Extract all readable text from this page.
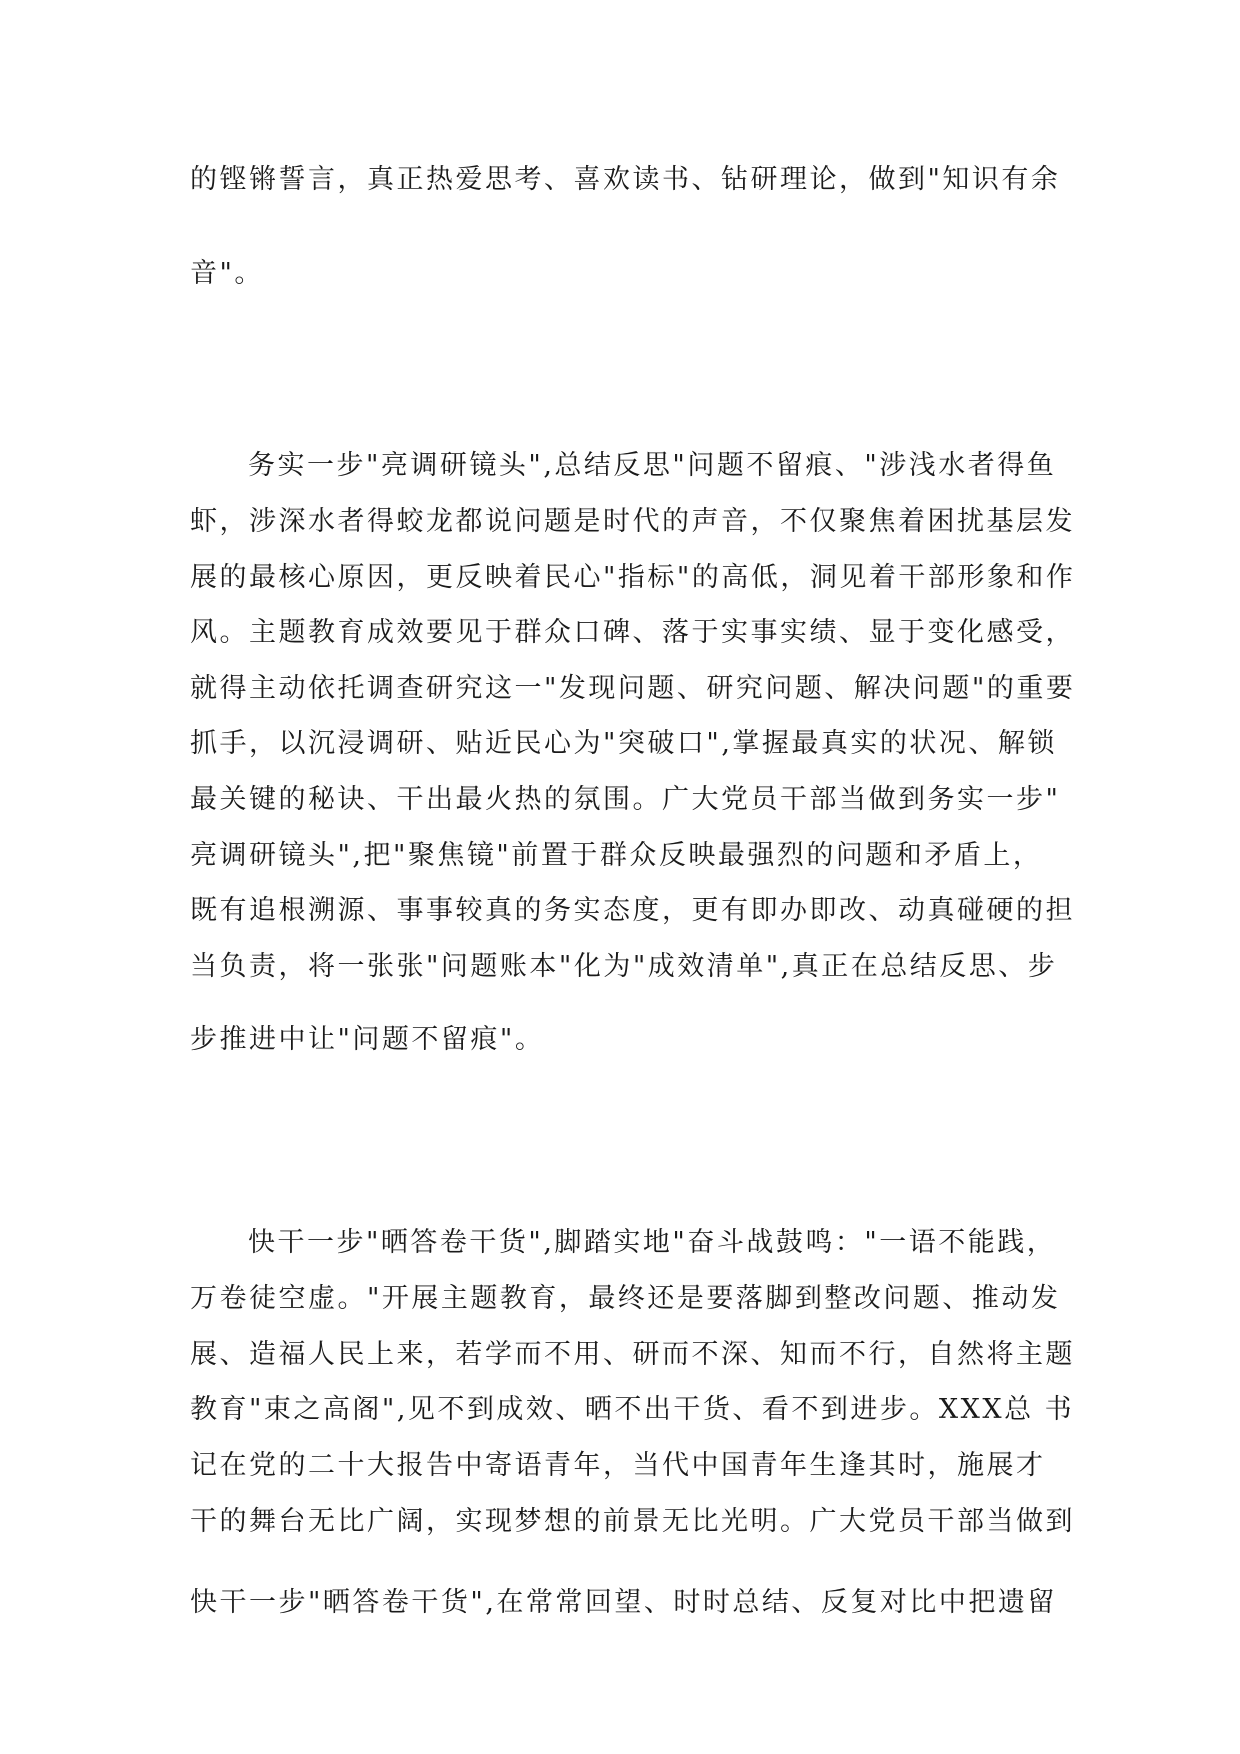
的铿锵誓言，真正热爱思考、喜欢读书、钻研理论，做到"知识有余
音"。
务实一步"亮调研镜头",总结反思"问题不留痕、"涉浅水者得鱼
虾，涉深水者得蛟龙都说问题是时代的声音，不仅聚焦着困扰基层发
展的最核心原因，更反映着民心"指标"的高低，洞见着干部形象和作
风。主题教育成效要见于群众口碑、落于实事实绩、显于变化感受，
就得主动依托调查研究这一"发现问题、研究问题、解决问题"的重要
抓手，以沉浸调研、贴近民心为"突破口",掌握最真实的状况、解锁
最关键的秘诀、干出最火热的氛围。广大党员干部当做到务实一步"
亮调研镜头",把"聚焦镜"前置于群众反映最强烈的问题和矛盾上，
既有追根溯源、事事较真的务实态度，更有即办即改、动真碰硬的担
当负责，将一张张"问题账本"化为"成效清单",真正在总结反思、步
步推进中让"问题不留痕"。
快干一步"晒答卷干货",脚踏实地"奋斗战鼓鸣："一语不能践，
万卷徒空虚。"开展主题教育，最终还是要落脚到整改问题、推动发
展、造福人民上来，若学而不用、研而不深、知而不行，自然将主题
教育"束之高阁",见不到成效、晒不出干货、看不到进步。XXX总 书
记在党的二十大报告中寄语青年，当代中国青年生逢其时，施展才
干的舞台无比广阔，实现梦想的前景无比光明。广大党员干部当做到
快干一步"晒答卷干货",在常常回望、时时总结、反复对比中把遗留
